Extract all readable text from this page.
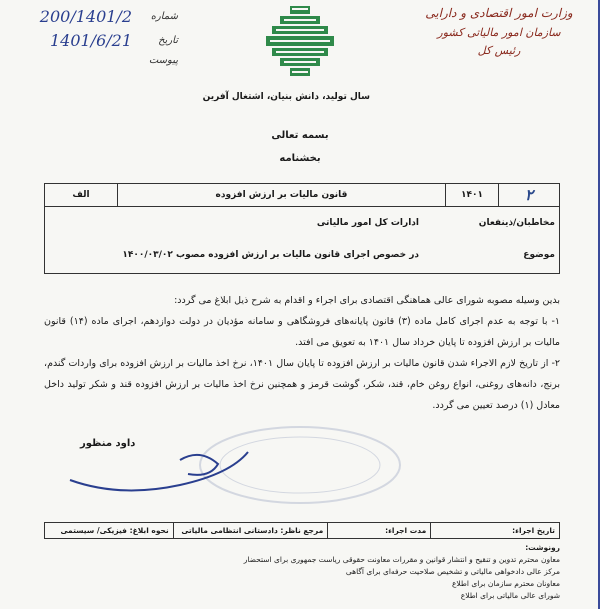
وزارت امور اقتصادی و دارایی
سازمان امور مالیاتی کشور
رئیس کل
شماره
200/1401/2
تاریخ
1401/6/21
پیوست
سال تولید، دانش بنیان، اشتغال آفرین
بسمه تعالی
بخشنامه
۲	۱۴۰۱	قانون مالیات بر ارزش افزوده	الف
مخاطبان/ذینفعان
ادارات کل امور مالیاتی
موضوع
در خصوص اجرای قانون مالیات بر ارزش افزوده مصوب ۱۴۰۰/۰۳/۰۲

بدین وسیله مصوبه شورای عالی هماهنگی اقتصادی برای اجراء و اقدام به شرح ذیل ابلاغ می گردد:

۱- با توجه به عدم اجرای کامل ماده (۳) قانون پایانه‌های فروشگاهی و سامانه مؤدیان در دولت دوازدهم، اجرای ماده (۱۴) قانون مالیات بر ارزش افزوده تا پایان خرداد سال ۱۴۰۱ به تعویق می افتد.

۲- از تاریخ لازم الاجراء شدن قانون مالیات بر ارزش افزوده تا پایان سال ۱۴۰۱، نرخ اخذ مالیات بر ارزش افزوده برای واردات گندم، برنج، دانه‌های روغنی، انواع روغن خام، قند، شکر، گوشت قرمز و همچنین نرخ اخذ مالیات بر ارزش افزوده قند و شکر تولید داخل معادل (۱) درصد تعیین می گردد.

داود منظور
تاریخ اجراء:	مدت اجراء:	مرجع ناظر: دادستانی انتظامی مالیاتی	نحوه ابلاغ: فیزیکی/ سیستمی
رونوشت:
معاون محترم تدوین و تنقیح و انتشار قوانین و مقررات معاونت حقوقی ریاست جمهوری برای استحضار
مرکز عالی دادخواهی مالیاتی و تشخیص صلاحیت حرفه‌ای برای آگاهی
معاونان محترم سازمان برای اطلاع
شورای عالی مالیاتی برای اطلاع
